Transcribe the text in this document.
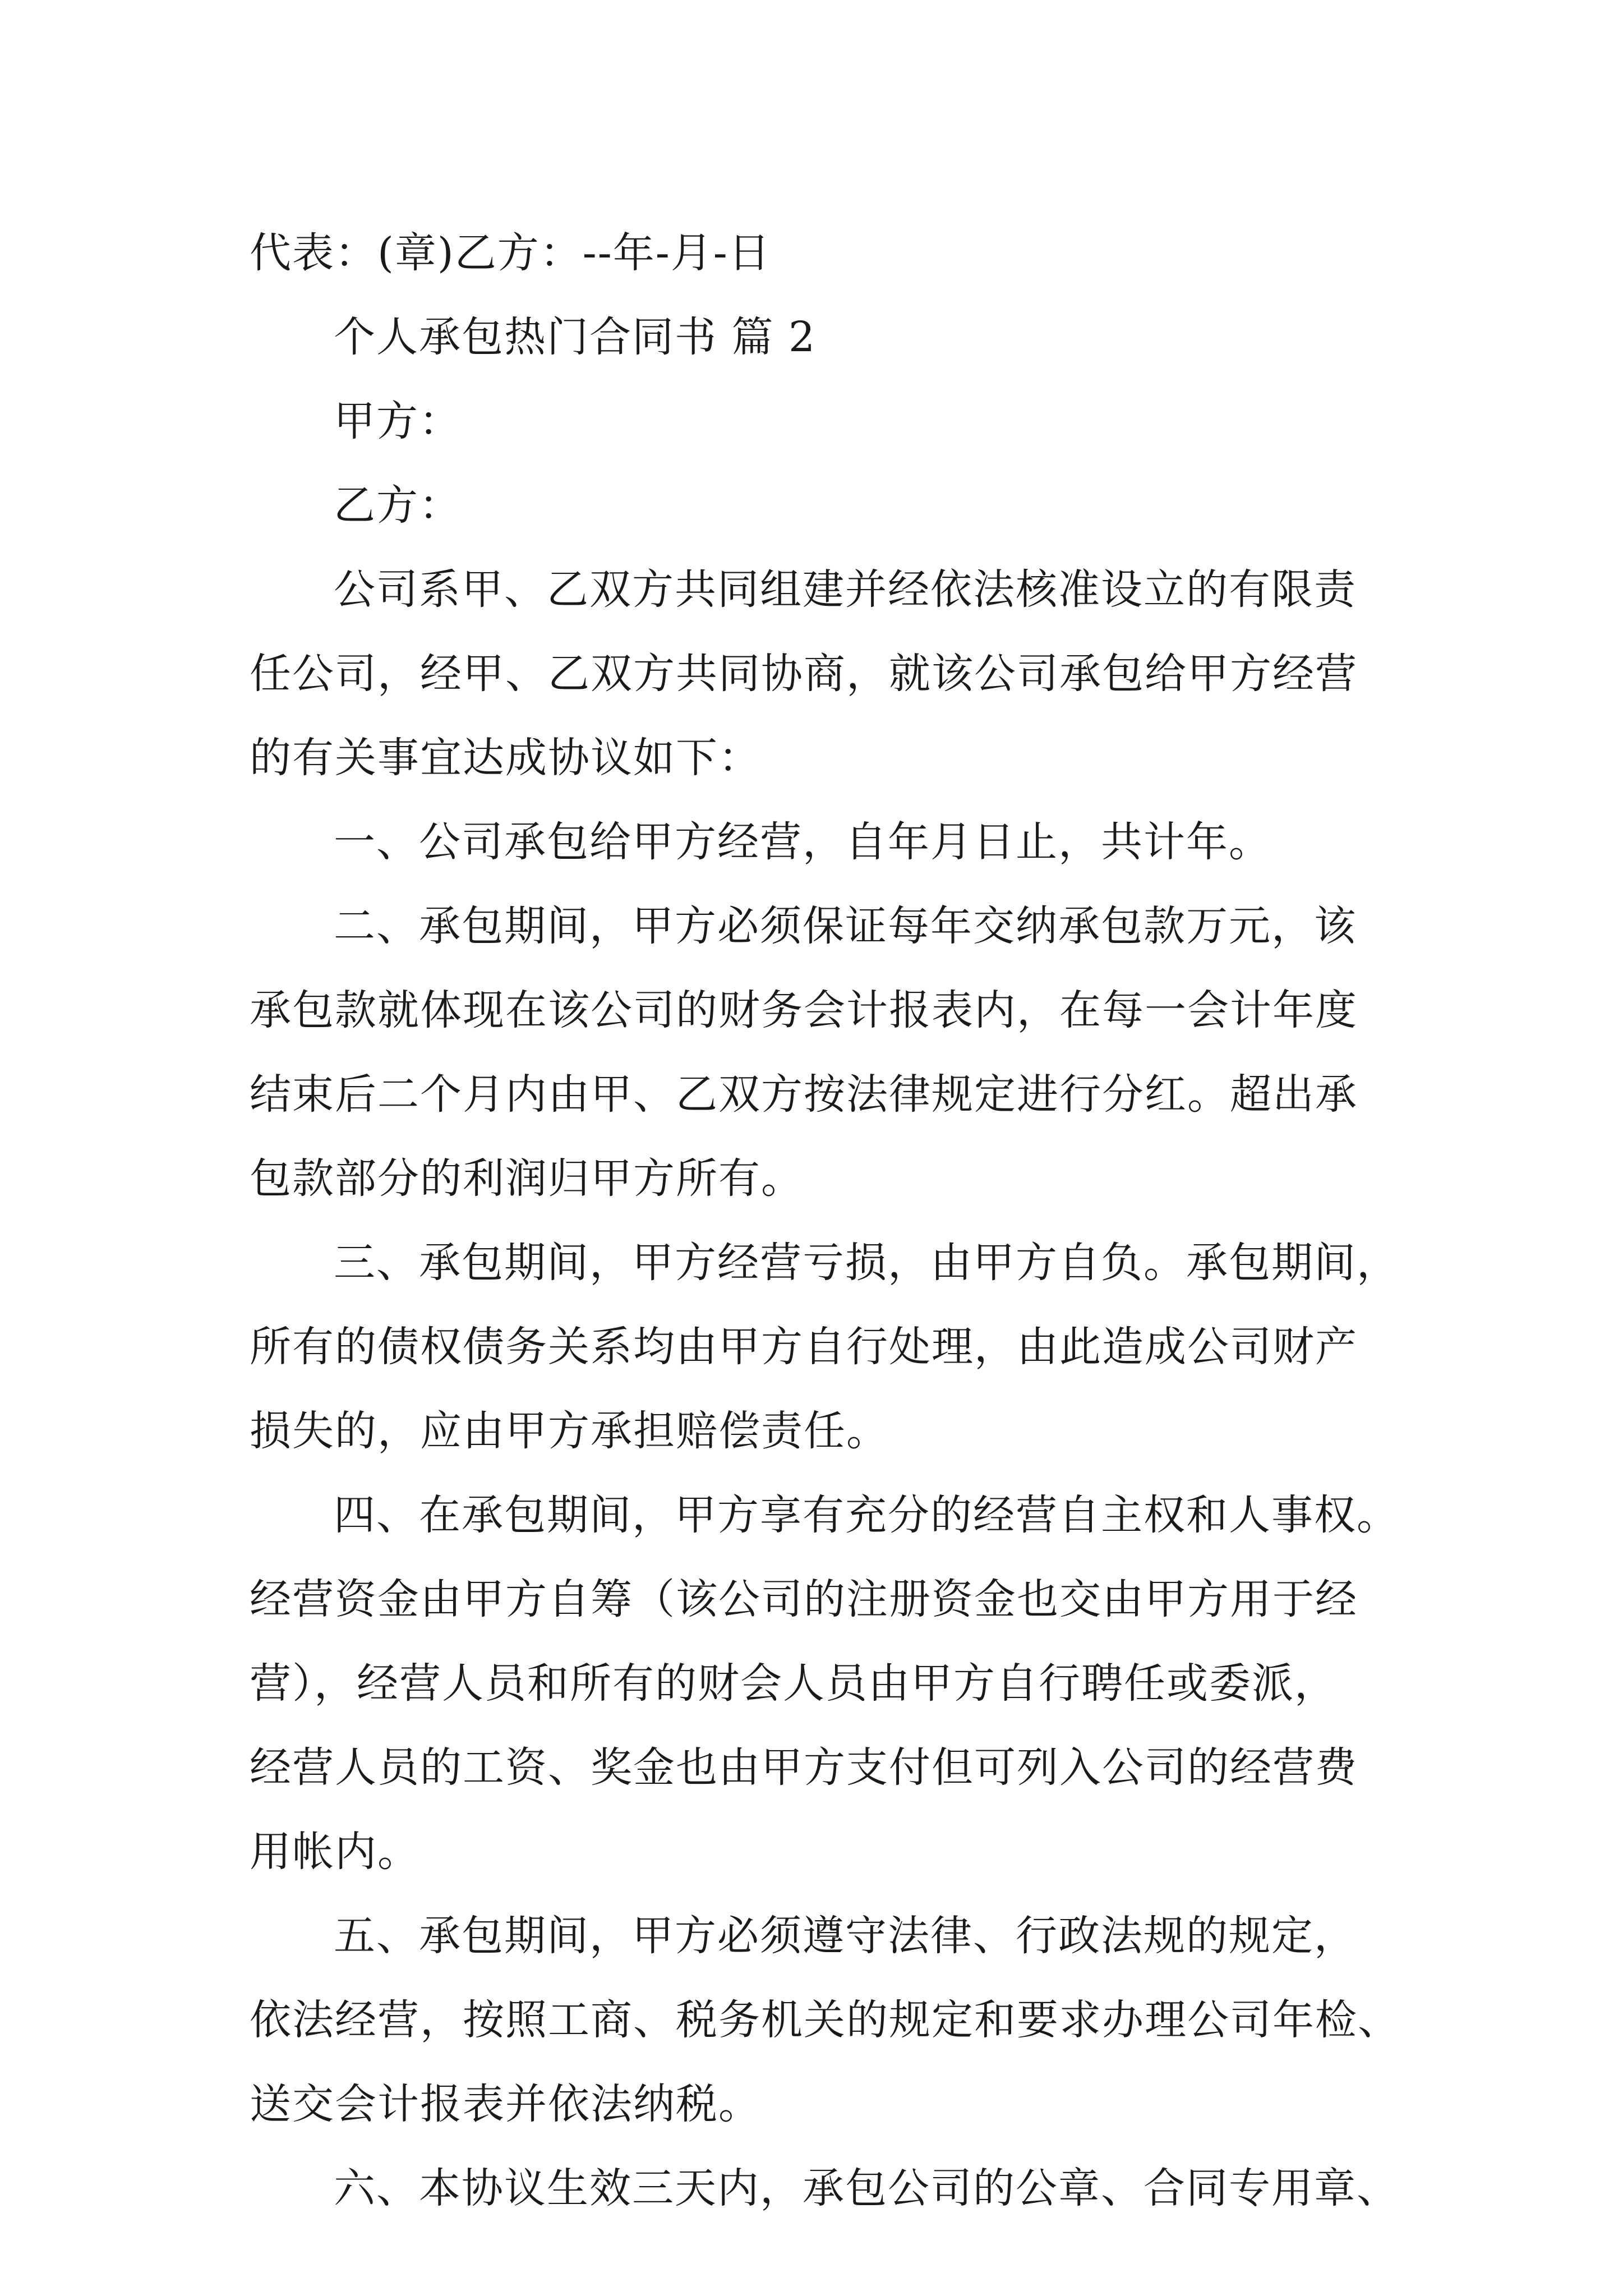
代表：(章)乙方：--年-月-日
个人承包热门合同书 篇 2
甲方：
乙方：
公司系甲、乙双方共同组建并经依法核准设立的有限责
任公司，经甲、乙双方共同协商，就该公司承包给甲方经营
的有关事宜达成协议如下：
一、公司承包给甲方经营，自年月日止，共计年。
二、承包期间，甲方必须保证每年交纳承包款万元，该
承包款就体现在该公司的财务会计报表内，在每一会计年度
结束后二个月内由甲、乙双方按法律规定进行分红。超出承
包款部分的利润归甲方所有。
三、承包期间，甲方经营亏损，由甲方自负。承包期间，
所有的债权债务关系均由甲方自行处理，由此造成公司财产
损失的，应由甲方承担赔偿责任。
四、在承包期间，甲方享有充分的经营自主权和人事权。
经营资金由甲方自筹（该公司的注册资金也交由甲方用于经
营），经营人员和所有的财会人员由甲方自行聘任或委派，
经营人员的工资、奖金也由甲方支付但可列入公司的经营费
用帐内。
五、承包期间，甲方必须遵守法律、行政法规的规定，
依法经营，按照工商、税务机关的规定和要求办理公司年检、
送交会计报表并依法纳税。
六、本协议生效三天内，承包公司的公章、合同专用章、
